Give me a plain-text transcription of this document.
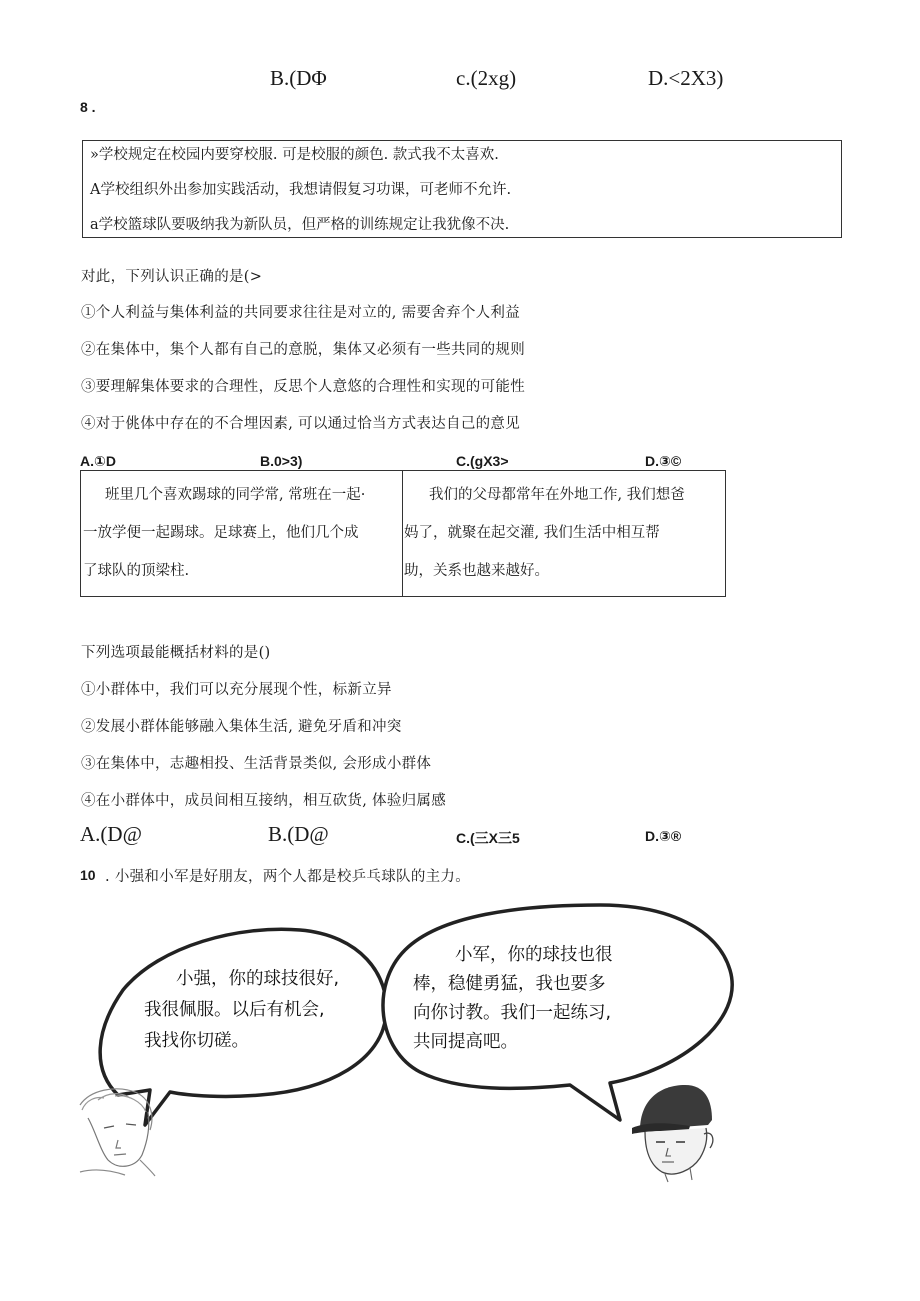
B.(DΦ	c.(2xg)	D.<2X3)
8 .
»学校规定在校园内要穿校服. 可是校服的颜色. 款式我不太喜欢.
A学校组织外出参加实践活动，我想请假复习功课，可老师不允许.
a学校篮球队要吸纳我为新队员，但严格的训练规定让我犹像不决.
对此，下列认识正确的是(>
①个人利益与集体利益的共同要求往往是对立的, 需要舍弃个人利益
②在集体中，集个人都有自己的意脱，集体又必须有一些共同的规则
③要理解集体要求的合理性，反思个人意悠的合理性和实现的可能性
④对于佻体中存在的不合埋因素, 可以通过恰当方式表达自己的意见
A.①D	B.0>3)	C.(gX3>	D.③©
班里几个喜欢踢球的同学常, 常班在一起·
一放学便一起踢球。足球赛上，他们几个成
了球队的顶梁柱.
我们的父母都常年在外地工作, 我们想爸
妈了，就聚在起交灌, 我们生活中相互帮
助，关系也越来越好。
下列选项最能概括材料的是()
①小群体中，我们可以充分展现个性，标新立异
②发展小群体能够融入集体生活, 避免牙盾和冲突
③在集体中，志趣相投、生活背景类似, 会形成小群体
④在小群体中，成员间相互接纳，相互砍货, 体验归属感
A.(D@	B.(D@	C.(三X三5	D.③®
10 . 小强和小军是好朋友，两个人都是校乒乓球队的主力。
小强，你的球技很好,
我很佩服。以后有机会,
我找你切磋。
小军，你的球技也很
棒，稳健勇猛，我也要多
向你讨教。我们一起练习,
共同提高吧。
